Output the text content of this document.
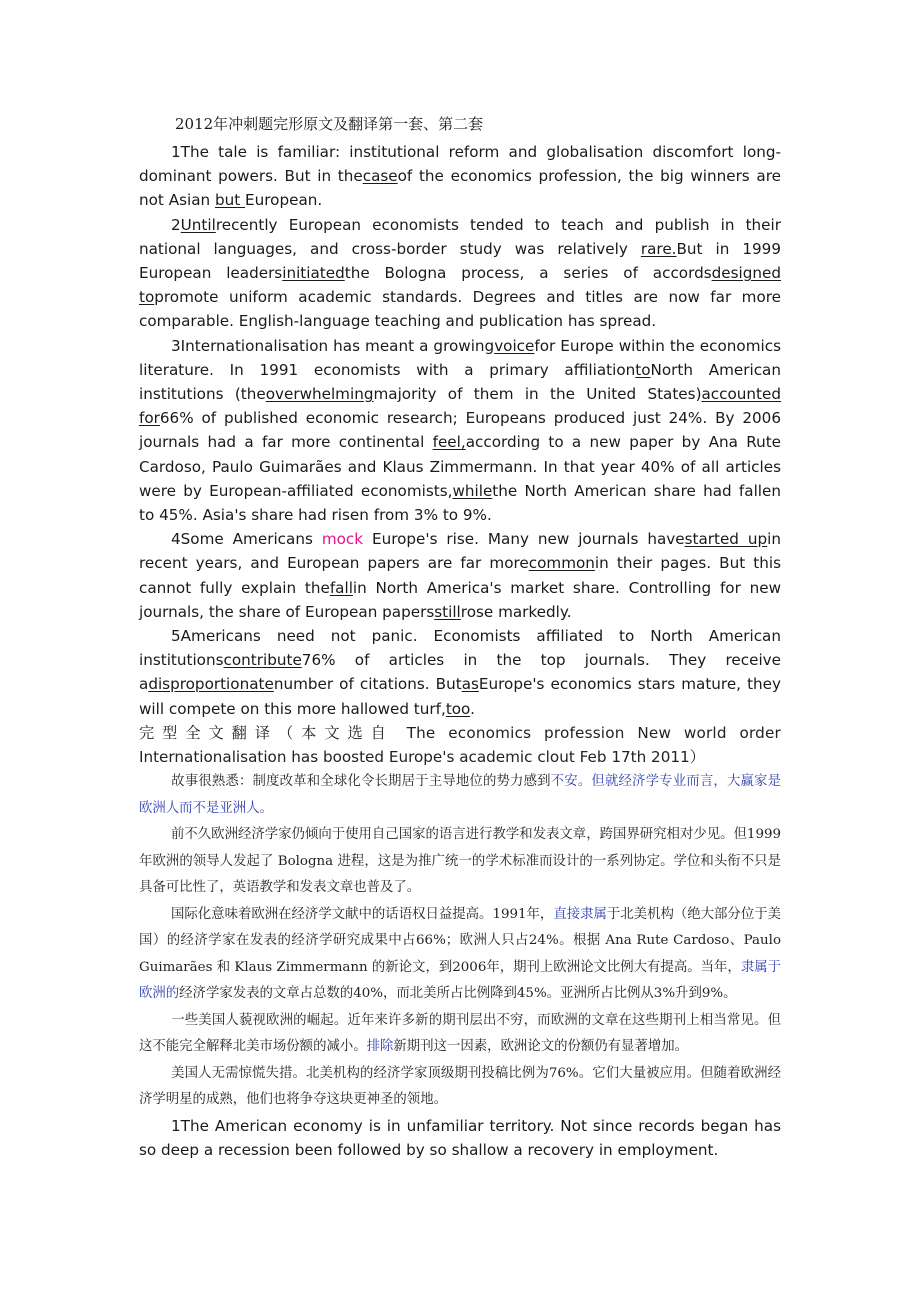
2012年冲刺题完形原文及翻译第一套、第二套

1The tale is familiar: institutional reform and globalisation discomfort long-dominant powers. But in thecaseof the economics profession, the big winners are not Asian but European.

2Untilrecently European economists tended to teach and publish in their national languages, and cross-border study was relatively rare.But in 1999 European leadersinitiatedthe Bologna process, a series of accordsdesigned topromote uniform academic standards. Degrees and titles are now far more comparable. English-language teaching and publication has spread.

3Internationalisation has meant a growingvoicefor Europe within the economics literature. In 1991 economists with a primary affiliationtoNorth American institutions (theoverwhelmingmajority of them in the United States)accounted for66% of published economic research; Europeans produced just 24%. By 2006 journals had a far more continental feel,according to a new paper by Ana Rute Cardoso, Paulo Guimarães and Klaus Zimmermann. In that year 40% of all articles were by European-affiliated economists,whilethe North American share had fallen to 45%. Asia's share had risen from 3% to 9%.

4Some Americans mock Europe's rise. Many new journals havestarted upin recent years, and European papers are far morecommonin their pages. But this cannot fully explain thefallin North America's market share. Controlling for new journals, the share of European papersstillrose markedly.

5Americans need not panic. Economists affiliated to North American institutionscontribute76% of articles in the top journals. They receive adisproportionatenumber of citations. ButasEurope's economics stars mature, they will compete on this more hallowed turf,too.

完型全文翻译（本文选自 The economics profession New world order

Internationalisation has boosted Europe's academic clout Feb 17th 2011）

故事很熟悉：制度改革和全球化令长期居于主导地位的势力感到不安。但就经济学专业而言，大赢家是欧洲人而不是亚洲人。

前不久欧洲经济学家仍倾向于使用自己国家的语言进行教学和发表文章，跨国界研究相对少见。但1999年欧洲的领导人发起了 Bologna 进程，这是为推广统一的学术标准而设计的一系列协定。学位和头衔不只是具备可比性了，英语教学和发表文章也普及了。

国际化意味着欧洲在经济学文献中的话语权日益提高。1991年，直接隶属于北美机构（绝大部分位于美国）的经济学家在发表的经济学研究成果中占66%；欧洲人只占24%。根据 Ana Rute Cardoso、Paulo Guimarães 和 Klaus Zimmermann 的新论文，到2006年，期刊上欧洲论文比例大有提高。当年，隶属于欧洲的经济学家发表的文章占总数的40%，而北美所占比例降到45%。亚洲所占比例从3%升到9%。

一些美国人藐视欧洲的崛起。近年来许多新的期刊层出不穷，而欧洲的文章在这些期刊上相当常见。但这不能完全解释北美市场份额的减小。排除新期刊这一因素，欧洲论文的份额仍有显著增加。

美国人无需惊慌失措。北美机构的经济学家顶级期刊投稿比例为76%。它们大量被应用。但随着欧洲经济学明星的成熟，他们也将争夺这块更神圣的领地。

1The American economy is in unfamiliar territory. Not since records began has so deep a recession been followed by so shallow a recovery in employment.
